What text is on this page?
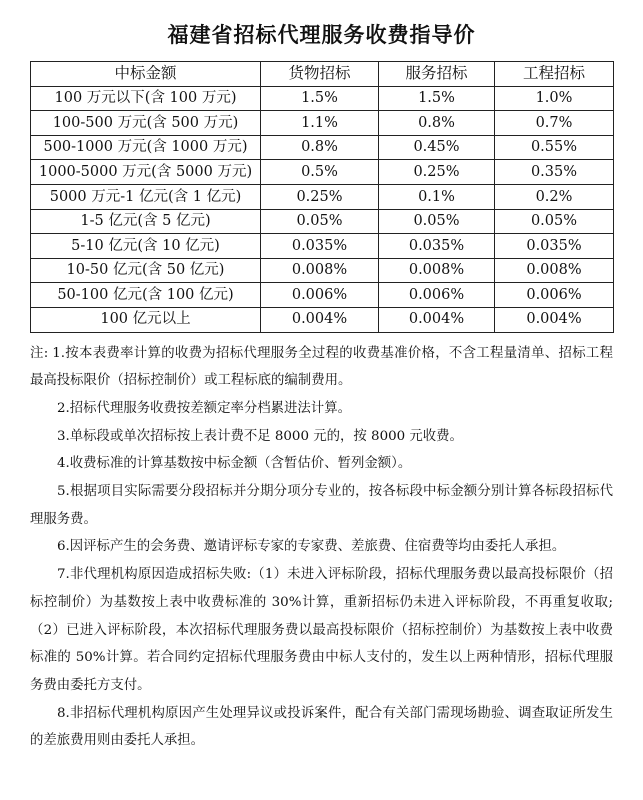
福建省招标代理服务收费指导价
中标金额	货物招标	服务招标	工程招标
100 万元以下(含 100 万元)	1.5%	1.5%	1.0%
100-500 万元(含 500 万元)	1.1%	0.8%	0.7%
500-1000 万元(含 1000 万元)	0.8%	0.45%	0.55%
1000-5000 万元(含 5000 万元)	0.5%	0.25%	0.35%
5000 万元-1 亿元(含 1 亿元)	0.25%	0.1%	0.2%
1-5 亿元(含 5 亿元)	0.05%	0.05%	0.05%
5-10 亿元(含 10 亿元)	0.035%	0.035%	0.035%
10-50 亿元(含 50 亿元)	0.008%	0.008%	0.008%
50-100 亿元(含 100 亿元)	0.006%	0.006%	0.006%
100 亿元以上	0.004%	0.004%	0.004%

注: 1.按本表费率计算的收费为招标代理服务全过程的收费基准价格，不含工程量清单、招标工程最高投标限价（招标控制价）或工程标底的编制费用。

2.招标代理服务收费按差额定率分档累进法计算。

3.单标段或单次招标按上表计费不足 8000 元的，按 8000 元收费。

4.收费标准的计算基数按中标金额（含暂估价、暂列金额）。

5.根据项目实际需要分段招标并分期分项分专业的，按各标段中标金额分别计算各标段招标代理服务费。

6.因评标产生的会务费、邀请评标专家的专家费、差旅费、住宿费等均由委托人承担。

7.非代理机构原因造成招标失败:（1）未进入评标阶段，招标代理服务费以最高投标限价（招标控制价）为基数按上表中收费标准的 30%计算，重新招标仍未进入评标阶段，不再重复收取;（2）已进入评标阶段，本次招标代理服务费以最高投标限价（招标控制价）为基数按上表中收费标准的 50%计算。若合同约定招标代理服务费由中标人支付的，发生以上两种情形，招标代理服务费由委托方支付。

8.非招标代理机构原因产生处理异议或投诉案件，配合有关部门需现场勘验、调查取证所发生的差旅费用则由委托人承担。
